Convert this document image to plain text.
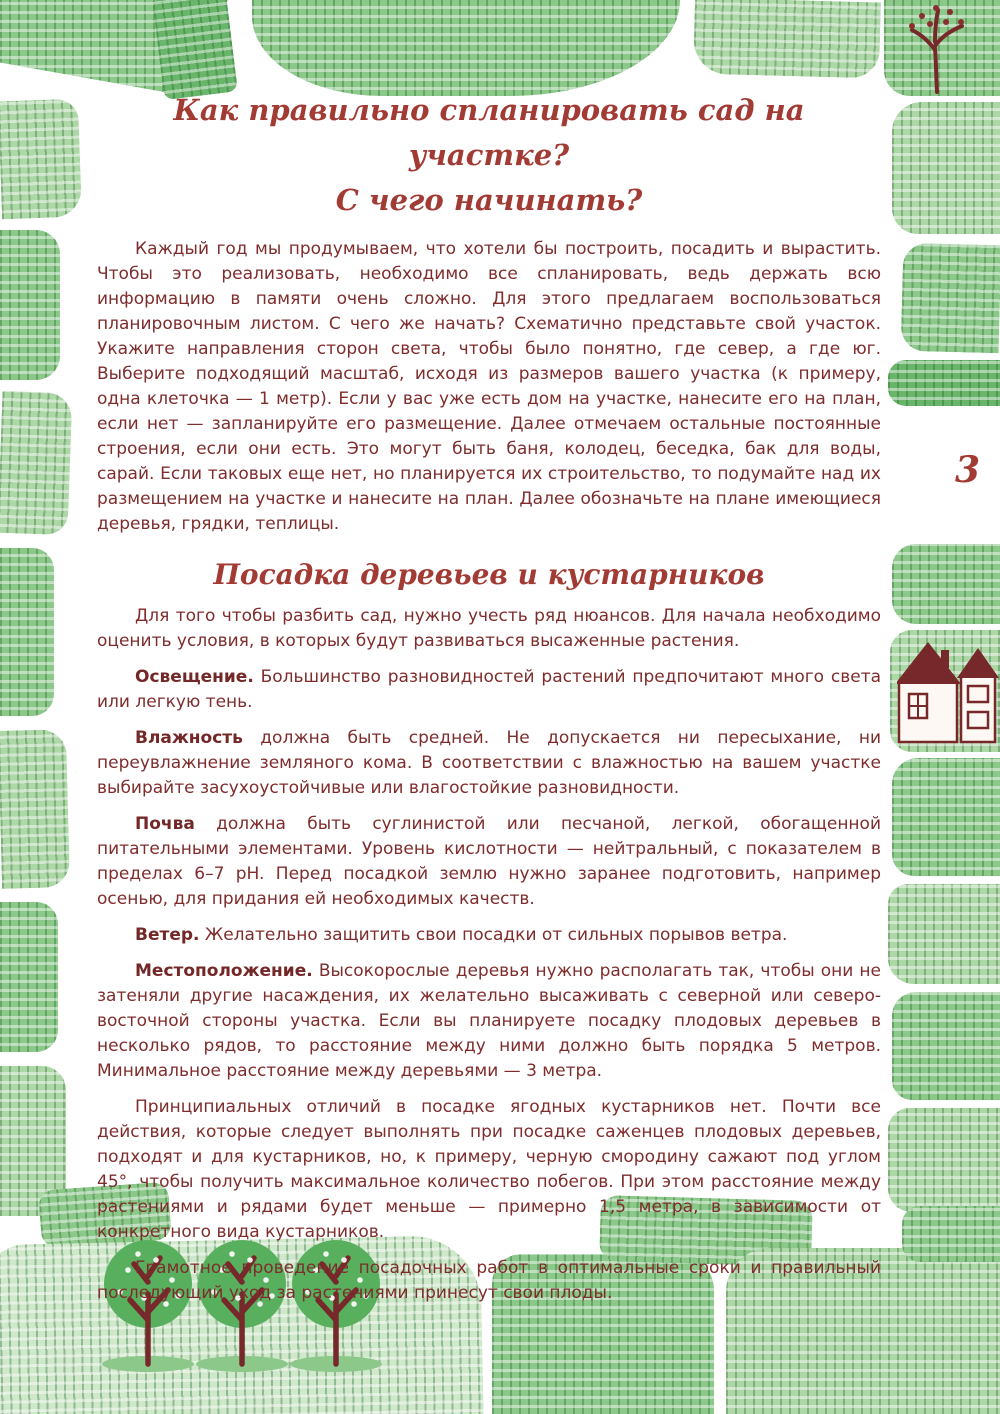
3
Как правильно спланировать сад на участке?
С чего начинать?

Каждый год мы продумываем, что хотели бы построить, посадить и вырастить. Чтобы это реализовать, необходимо все спланировать, ведь держать всю информацию в памяти очень сложно. Для этого предлагаем воспользоваться планировочным листом. С чего же начать? Схематично представьте свой участок. Укажите направления сторон света, чтобы было понятно, где север, а где юг. Выберите подходящий масштаб, исходя из размеров вашего участка (к примеру, одна клеточка — 1 метр). Если у вас уже есть дом на участке, нанесите его на план, если нет — запланируйте его размещение. Далее отмечаем остальные постоянные строения, если они есть. Это могут быть баня, колодец, беседка, бак для воды, сарай. Если таковых еще нет, но планируется их строительство, то подумайте над их размещением на участке и нанесите на план. Далее обозначьте на плане имеющиеся деревья, грядки, теплицы.

Посадка деревьев и кустарников

Для того чтобы разбить сад, нужно учесть ряд нюансов. Для начала необходимо оценить условия, в которых будут развиваться высаженные растения.

Освещение. Большинство разновидностей растений предпочитают много света или легкую тень.

Влажность должна быть средней. Не допускается ни пересыхание, ни переувлажнение земляного кома. В соответствии с влажностью на вашем участке выбирайте засухоустойчивые или влагостойкие разновидности.

Почва должна быть суглинистой или песчаной, легкой, обогащенной питательными элементами. Уровень кислотности — нейтральный, с показателем в пределах 6–7 pH. Перед посадкой землю нужно заранее подготовить, например осенью, для придания ей необходимых качеств.

Ветер. Желательно защитить свои посадки от сильных порывов ветра.

Местоположение. Высокорослые деревья нужно располагать так, чтобы они не затеняли другие насаждения, их желательно высаживать с северной или северо-восточной стороны участка. Если вы планируете посадку плодовых деревьев в несколько рядов, то расстояние между ними должно быть порядка 5 метров. Минимальное расстояние между деревьями — 3 метра.

Принципиальных отличий в посадке ягодных кустарников нет. Почти все действия, которые следует выполнять при посадке саженцев плодовых деревьев, подходят и для кустарников, но, к примеру, черную смородину сажают под углом 45°, чтобы получить максимальное количество побегов. При этом расстояние между растениями и рядами будет меньше — примерно 1,5 метра, в зависимости от конкретного вида кустарников.

Грамотное проведение посадочных работ в оптимальные сроки и правильный последующий уход за растениями принесут свои плоды.
